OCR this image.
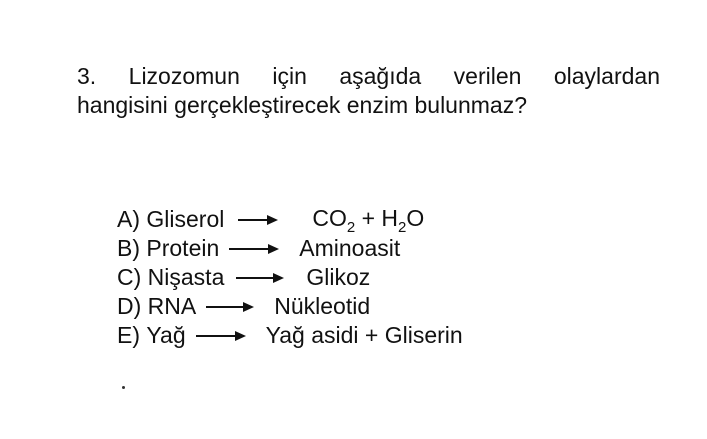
3. Lizozomun için aşağıda verilen olaylardan
hangisini gerçekleştirecek enzim bulunmaz?
A)
Gliserol	$CO_2 + H_2O$
B)
Protein	Aminoasit
C)
Nişasta	Glikoz
D)
RNA	Nükleotid
E)
Yağ	Yağ asidi + Gliserin
